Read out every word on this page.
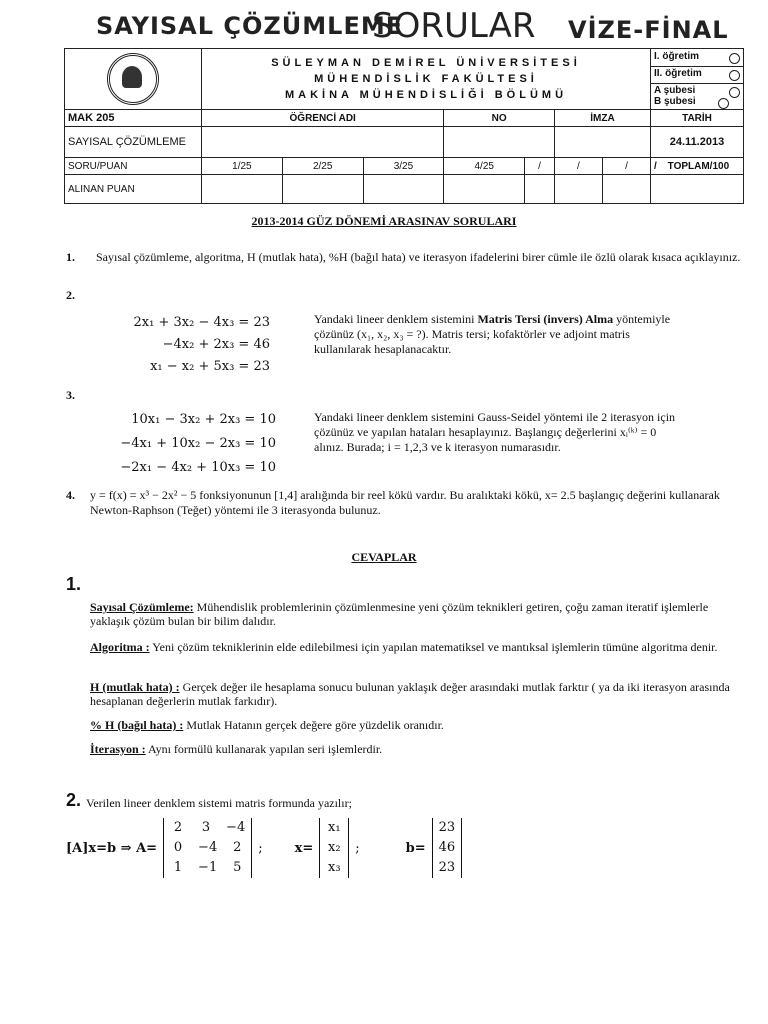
SAYISAL ÇÖZÜMLEME
SORULAR VİZE-FİNAL

	SÜLEYMAN DEMİREL ÜNİVERSİTESİ
MÜHENDİSLİK FAKÜLTESİ
MAKİNA MÜHENDİSLİĞİ BÖLÜMÜ							I. öğretim

								II. öğretim

								A şubesi

B şubesi

MAK 205	ÖĞRENCİ ADI			NO		İMZA		TARİH
SAYISAL ÇÖZÜMLEME								24.11.2013
SORU/PUAN	1/25	2/25	3/25	4/25	/	/	/	/ TOPLAM/100
ALINAN PUAN								
2013-2014 GÜZ DÖNEMİ ARASINAV SORULARI
1. Sayısal çözümleme, algoritma, H (mutlak hata), %H (bağıl hata) ve iterasyon ifadelerini birer cümle ile özlü olarak kısaca açıklayınız.
2.
2x₁ + 3x₂ − 4x₃ = 23
−4x₂ + 2x₃ = 46
x₁ − x₂ + 5x₃ = 23
Yandaki lineer denklem sistemini Matris Tersi (invers) Alma yöntemiyle çözünüz (x₁, x₂, x₃ = ?). Matris tersi; kofaktörler ve adjoint matris kullanılarak hesaplanacaktır.
3.
10x₁ − 3x₂ + 2x₃ = 10
−4x₁ + 10x₂ − 2x₃ = 10
−2x₁ − 4x₂ + 10x₃ = 10
Yandaki lineer denklem sistemini Gauss-Seidel yöntemi ile 2 iterasyon için çözünüz ve yapılan hataları hesaplayınız. Başlangıç değerlerini xᵢ⁽ᵏ⁾ = 0 alınız. Burada; i = 1,2,3 ve k iterasyon numarasıdır.
4. y = f(x) = x³ − 2x² − 5 fonksiyonunun [1,4] aralığında bir reel kökü vardır. Bu aralıktaki kökü, x= 2.5 başlangıç değerini kullanarak Newton-Raphson (Teğet) yöntemi ile 3 iterasyonda bulunuz.
CEVAPLAR
1.
Sayısal Çözümleme: Mühendislik problemlerinin çözümlenmesine yeni çözüm teknikleri getiren, çoğu zaman iteratif işlemlerle yaklaşık çözüm bulan bir bilim dalıdır.
Algoritma : Yeni çözüm tekniklerinin elde edilebilmesi için yapılan matematiksel ve mantıksal işlemlerin tümüne algoritma denir.
H (mutlak hata) : Gerçek değer ile hesaplama sonucu bulunan yaklaşık değer arasındaki mutlak farktır ( ya da iki iterasyon arasında hesaplanan değerlerin mutlak farkıdır).
% H (bağıl hata) : Mutlak Hatanın gerçek değere göre yüzdelik oranıdır.
İterasyon : Aynı formülü kullanarak yapılan seri işlemlerdir.
2. Verilen lineer denklem sistemi matris formunda yazılır;
[A]x=b ⇒ A=
2 3 −4
0 −4 2
1 −1 5
; x=
x₁
x₂
x₃
;	b=
23
46
23
